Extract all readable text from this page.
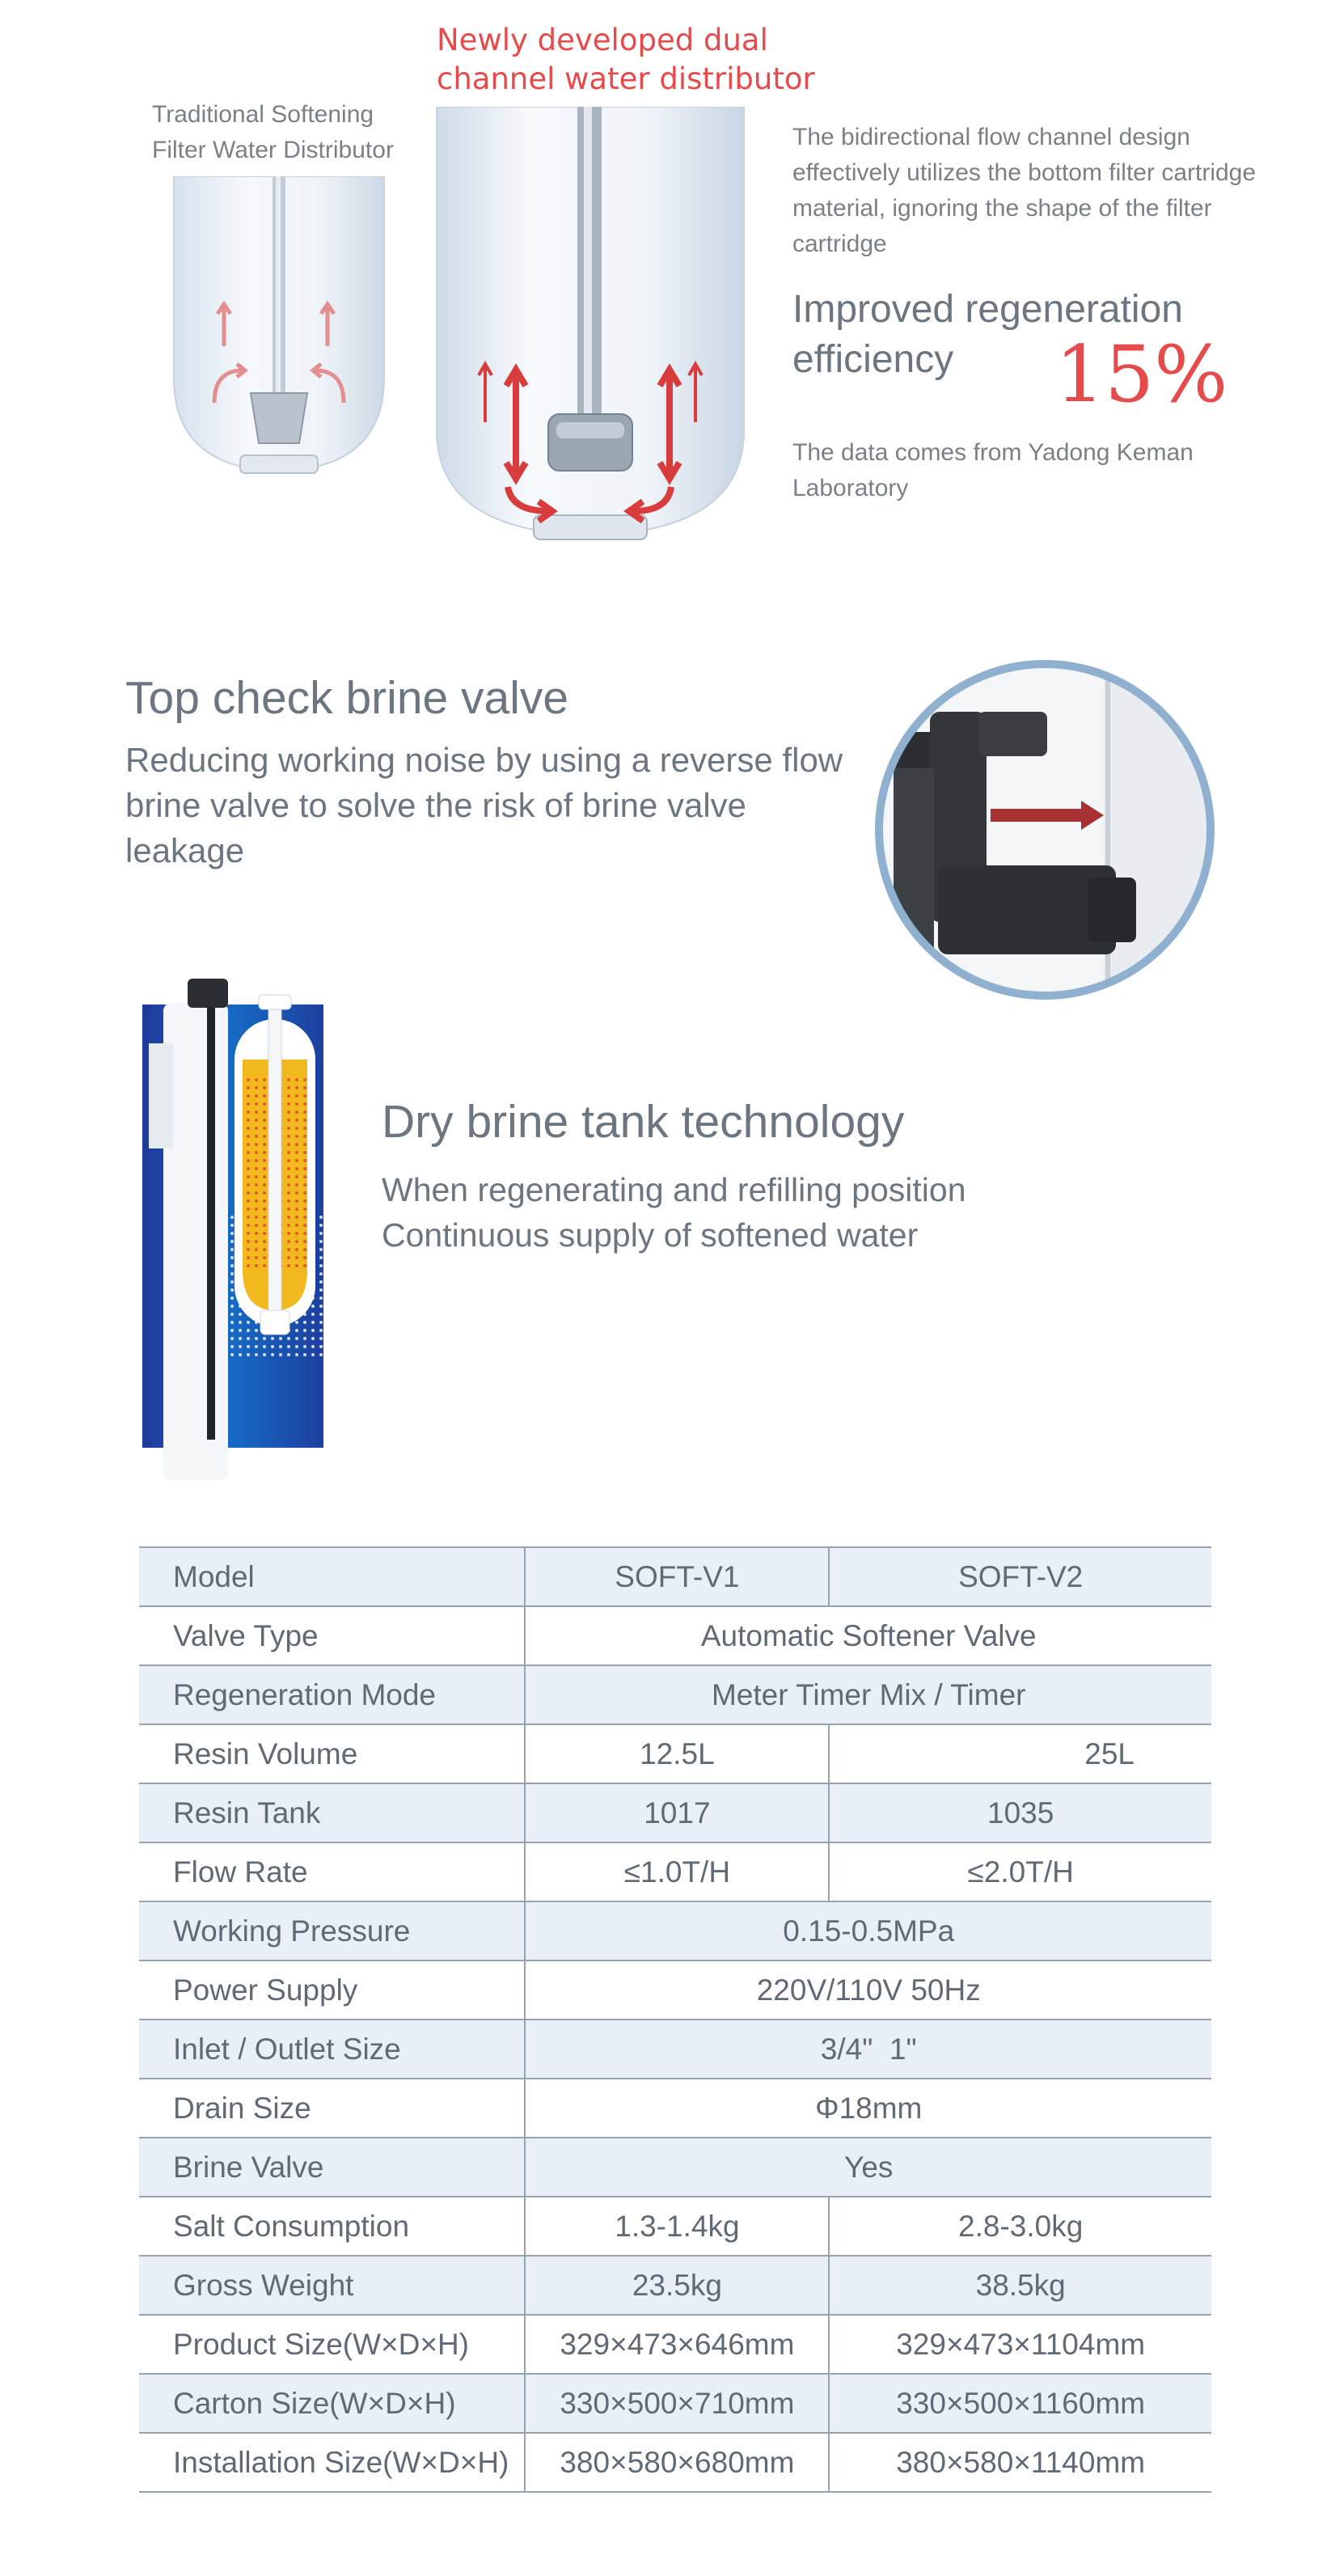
Newly developed dual
channel water distributor
Traditional Softening
Filter Water Distributor	The bidirectional flow channel design effectively utilizes the bottom filter cartridge material, ignoring the shape of the filter cartridge
Improved regeneration efficiency	15%
The data comes from Yadong Keman Laboratory
Top check brine valve
Reducing working noise by using a reverse flow brine valve to solve the risk of brine valve leakage
Dry brine tank technology
When regenerating and refilling position
Continuous supply of softened water
Model	SOFT-V1	SOFT-V2
Valve Type	Automatic Softener Valve	
Regeneration Mode	Meter Timer Mix / Timer	
Resin Volume	12.5L	25L
Resin Tank	1017	1035
Flow Rate	≤1.0T/H	≤2.0T/H
Working Pressure	0.15-0.5MPa	
Power Supply	220V/110V 50Hz	
Inlet / Outlet Size	3/4"  1"	
Drain Size	Φ18mm	
Brine Valve	Yes	
Salt Consumption	1.3-1.4kg	2.8-3.0kg
Gross Weight	23.5kg	38.5kg
Product Size(W×D×H)	329×473×646mm	329×473×1104mm
Carton Size(W×D×H)	330×500×710mm	330×500×1160mm
Installation Size(W×D×H)	380×580×680mm	380×580×1140mm
